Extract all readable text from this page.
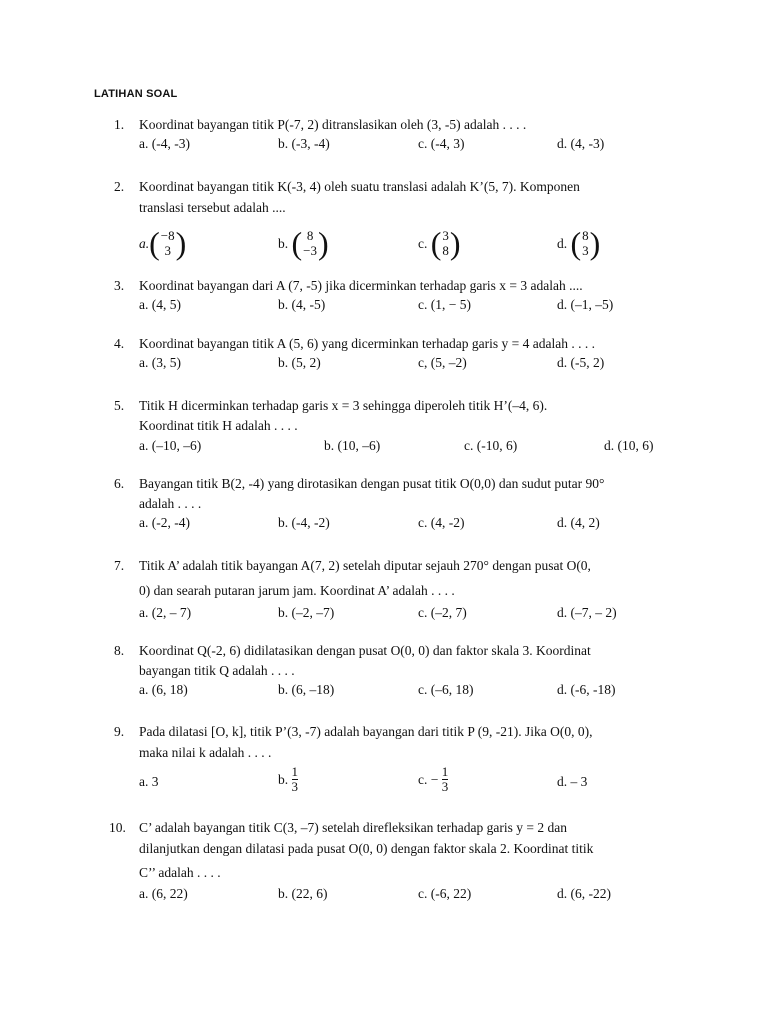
LATIHAN SOAL
1. Koordinat bayangan titik P(-7, 2) ditranslasikan oleh (3, -5) adalah . . . .
a. (-4, -3)	b. (-3, -4)	c. (-4, 3)	d. (4, -3)
2. Koordinat bayangan titik K(-3, 4) oleh suatu translasi adalah K’(5, 7). Komponen
translasi tersebut adalah ....
a. ( −8
3 )	b.
( 8
−3 )	c.
( 3
8 )	d.
( 8
3 )
3. Koordinat bayangan dari A (7, -5) jika dicerminkan terhadap garis x = 3 adalah ....
a. (4, 5)	b. (4, -5)	c. (1, − 5)	d. (–1, –5)
4. Koordinat bayangan titik A (5, 6) yang dicerminkan terhadap garis y = 4 adalah . . . .
a. (3, 5)	b. (5, 2)	c, (5, –2)	d. (-5, 2)
5. Titik H dicerminkan terhadap garis x = 3 sehingga diperoleh titik H’(–4, 6).
Koordinat titik H adalah . . . .
a. (–10, –6)	b. (10, –6)	c. (-10, 6)	d. (10, 6)
6. Bayangan titik B(2, -4) yang dirotasikan dengan pusat titik O(0,0) dan sudut putar 90°
adalah . . . .
a. (-2, -4)	b. (-4, -2)	c. (4, -2)	d. (4, 2)
7. Titik A’ adalah titik bayangan A(7, 2) setelah diputar sejauh 270° dengan pusat O(0,
0) dan searah putaran jarum jam. Koordinat A’ adalah . . . .
a. (2, – 7)	b. (–2, –7)	c. (–2, 7)	d. (–7, – 2)
8. Koordinat Q(-2, 6) didilatasikan dengan pusat O(0, 0) dan faktor skala 3. Koordinat
bayangan titik Q adalah . . . .
a. (6, 18)	b. (6, –18)	c. (–6, 18)	d. (-6, -18)
9. Pada dilatasi [O, k], titik P’(3, -7) adalah bayangan dari titik P (9, -21). Jika O(0, 0),
maka nilai k adalah . . . .
a. 3	b. $\frac{1}{3}$	c. − $\frac{1}{3}$	d. – 3
10. C’ adalah bayangan titik C(3, –7) setelah direfleksikan terhadap garis y = 2 dan
dilanjutkan dengan dilatasi pada pusat O(0, 0) dengan faktor skala 2. Koordinat titik
C’’ adalah . . . .
a. (6, 22)	b. (22, 6)	c. (-6, 22)	d. (6, -22)
